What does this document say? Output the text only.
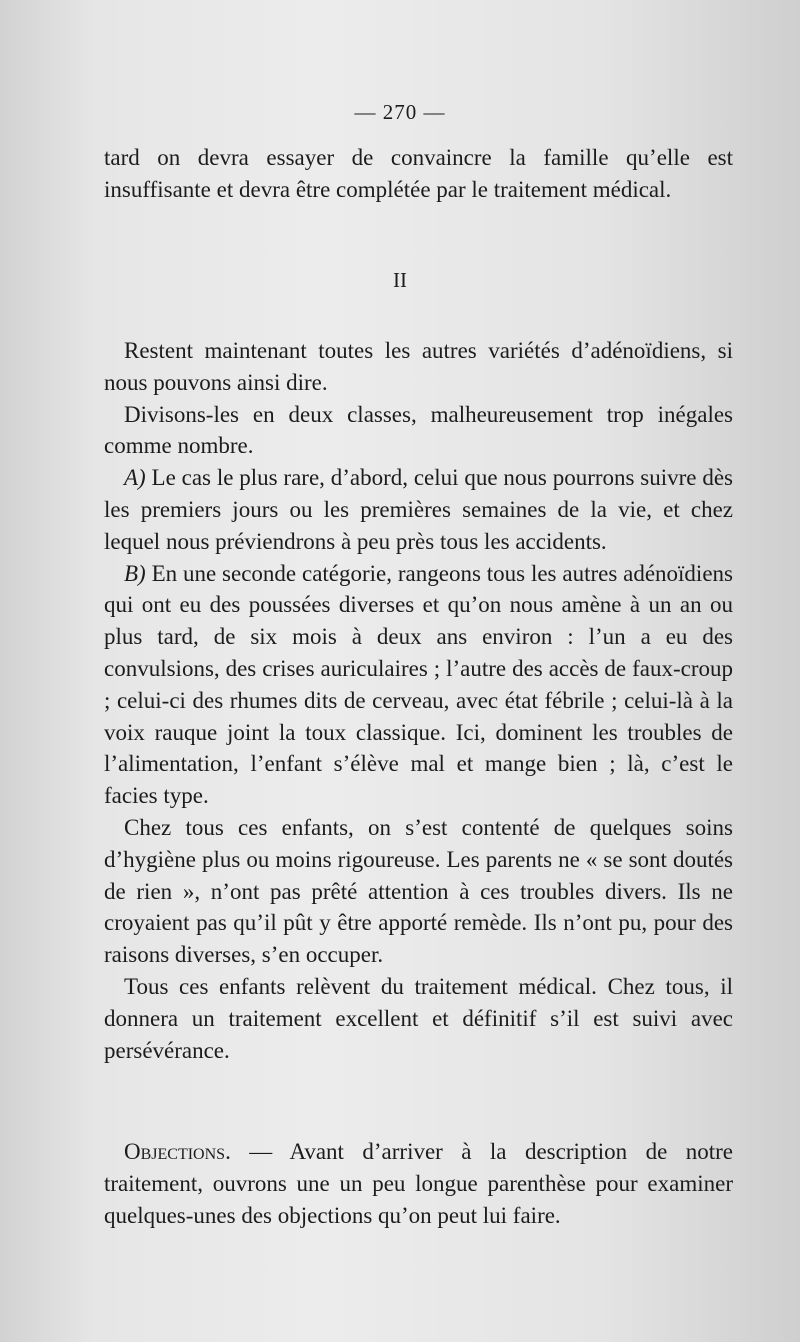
— 270 —

tard on devra essayer de convaincre la famille qu’elle est insuffisante et devra être complétée par le traitement médical.

II

Restent maintenant toutes les autres variétés d’adénoïdiens, si nous pouvons ainsi dire.

Divisons-les en deux classes, malheureusement trop inégales comme nombre.

A) Le cas le plus rare, d’abord, celui que nous pourrons suivre dès les premiers jours ou les premières semaines de la vie, et chez lequel nous préviendrons à peu près tous les accidents.

B) En une seconde catégorie, rangeons tous les autres adénoïdiens qui ont eu des poussées diverses et qu’on nous amène à un an ou plus tard, de six mois à deux ans environ : l’un a eu des convulsions, des crises auriculaires ; l’autre des accès de faux-croup ; celui-ci des rhumes dits de cerveau, avec état fébrile ; celui-là à la voix rauque joint la toux classique. Ici, dominent les troubles de l’alimentation, l’enfant s’élève mal et mange bien ; là, c’est le facies type.

Chez tous ces enfants, on s’est contenté de quelques soins d’hygiène plus ou moins rigoureuse. Les parents ne « se sont doutés de rien », n’ont pas prêté attention à ces troubles divers. Ils ne croyaient pas qu’il pût y être apporté remède. Ils n’ont pu, pour des raisons diverses, s’en occuper.

Tous ces enfants relèvent du traitement médical. Chez tous, il donnera un traitement excellent et définitif s’il est suivi avec persévérance.

Objections. — Avant d’arriver à la description de notre traitement, ouvrons une un peu longue parenthèse pour examiner quelques-unes des objections qu’on peut lui faire.
